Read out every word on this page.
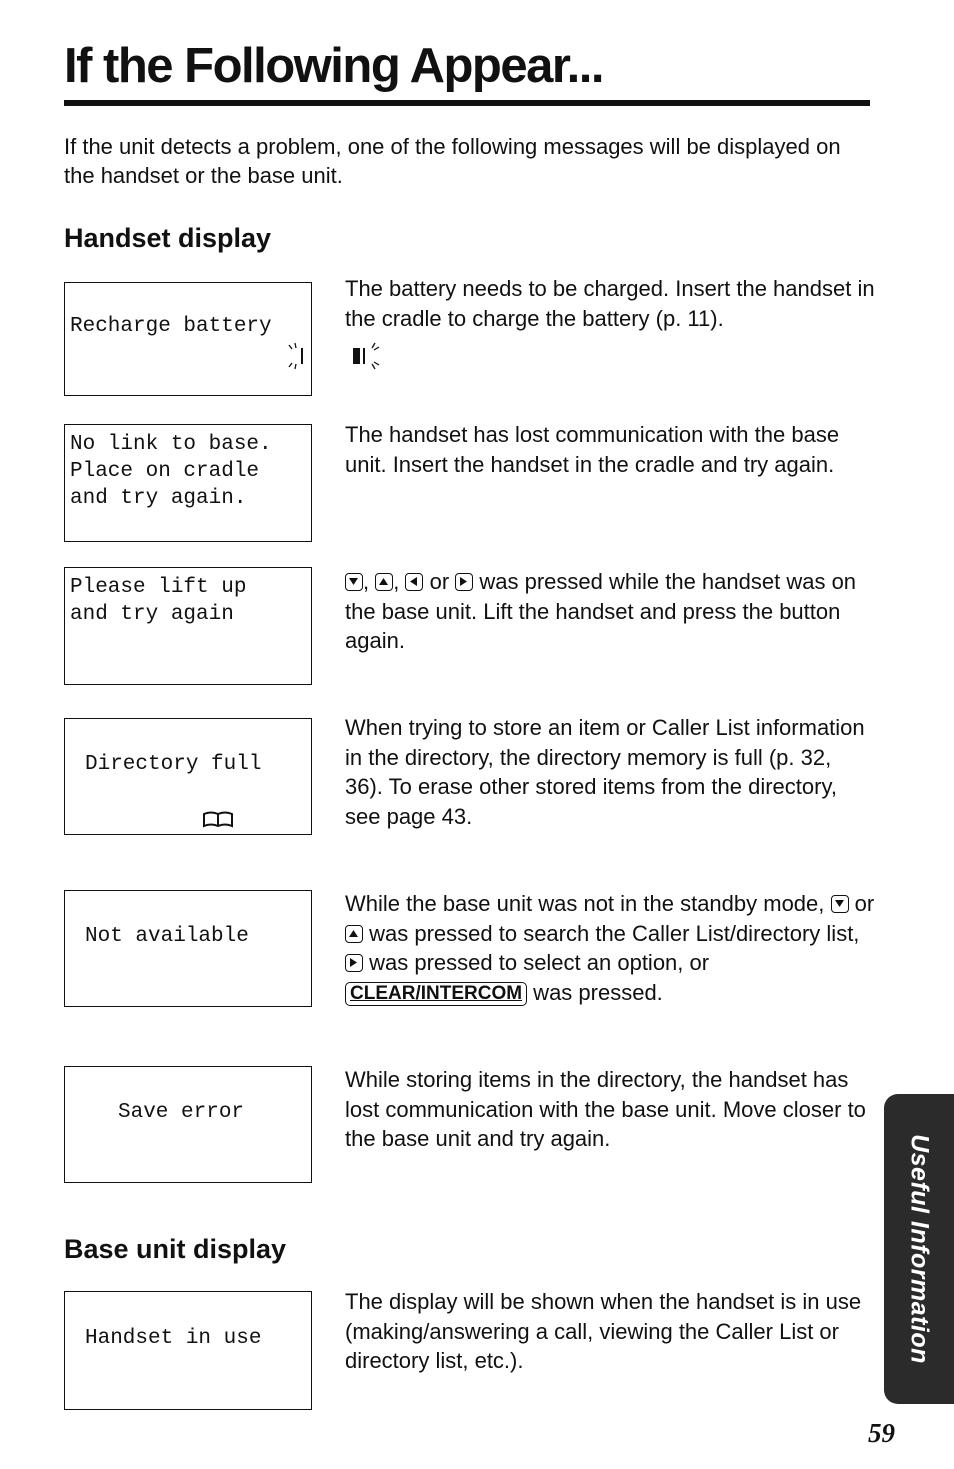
If the Following Appear...

If the unit detects a problem, one of the following messages will be displayed on the handset or the base unit.

Handset display
Recharge battery

The battery needs to be charged. Insert the handset in the cradle to charge the battery (p. 11).

No link to base.
Place on cradle
and try again.

The handset has lost communication with the base unit. Insert the handset in the cradle and try again.

Please lift up
and try again

,
,
or
was pressed while the handset was on the base unit. Lift the handset and press the button again.

Directory full

When trying to store an item or Caller List information in the directory, the directory memory is full (p. 32, 36). To erase other stored items from the directory, see page 43.

Not available

While the base unit was not in the standby mode,
or
was pressed to search the Caller List/directory list,
was pressed to select an option, or CLEAR/INTERCOM was pressed.

Save error

While storing items in the directory, the handset has lost communication with the base unit. Move closer to the base unit and try again.

Base unit display
Handset in use

The display will be shown when the handset is in use (making/answering a call, viewing the Caller List or directory list, etc.).	Useful Information
59
